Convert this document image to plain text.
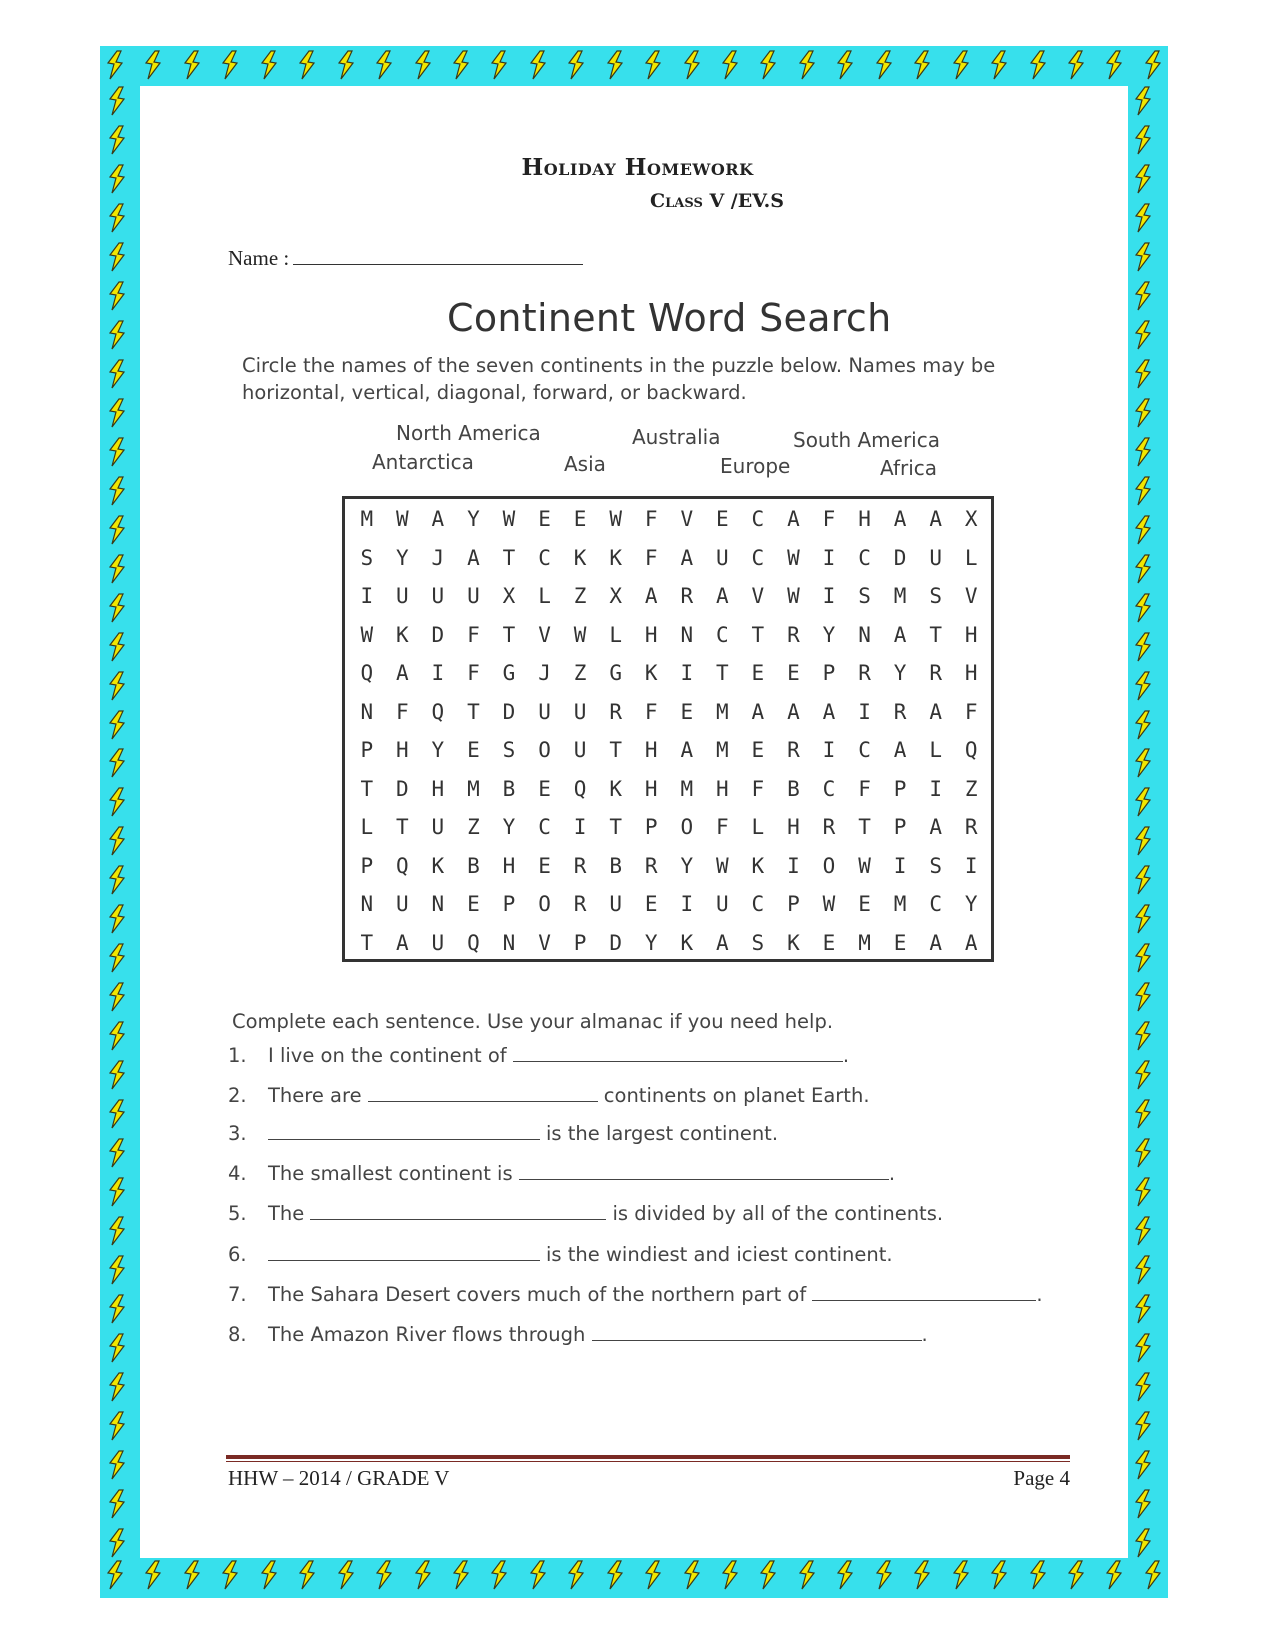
Holiday Homework
Class V /EV.S
Name :
Continent Word Search
Circle the names of the seven continents in the puzzle below. Names may be horizontal, vertical, diagonal, forward, or backward.
North America	Australia	South America
Antarctica	Asia	Europe	Africa
M	W	A	Y	W	E	E	W	F	V	E	C	A	F	H	A	A	X
S	Y	J	A	T	C	K	K	F	A	U	C	W	I	C	D	U	L
I	U	U	U	X	L	Z	X	A	R	A	V	W	I	S	M	S	V
W	K	D	F	T	V	W	L	H	N	C	T	R	Y	N	A	T	H
Q	A	I	F	G	J	Z	G	K	I	T	E	E	P	R	Y	R	H
N	F	Q	T	D	U	U	R	F	E	M	A	A	A	I	R	A	F
P	H	Y	E	S	O	U	T	H	A	M	E	R	I	C	A	L	Q
T	D	H	M	B	E	Q	K	H	M	H	F	B	C	F	P	I	Z
L	T	U	Z	Y	C	I	T	P	O	F	L	H	R	T	P	A	R
P	Q	K	B	H	E	R	B	R	Y	W	K	I	O	W	I	S	I
N	U	N	E	P	O	R	U	E	I	U	C	P	W	E	M	C	Y
T	A	U	Q	N	V	P	D	Y	K	A	S	K	E	M	E	A	A
Complete each sentence. Use your almanac if you need help.
1. I live on the continent of	.
2. There are	continents on planet Earth.
3.	is the largest continent.
4. The smallest continent is	.
5. The	is divided by all of the continents.
6.	is the windiest and iciest continent.
7. The Sahara Desert covers much of the northern part of	.
8. The Amazon River flows through	.
HHW – 2014 / GRADE V	Page 4
